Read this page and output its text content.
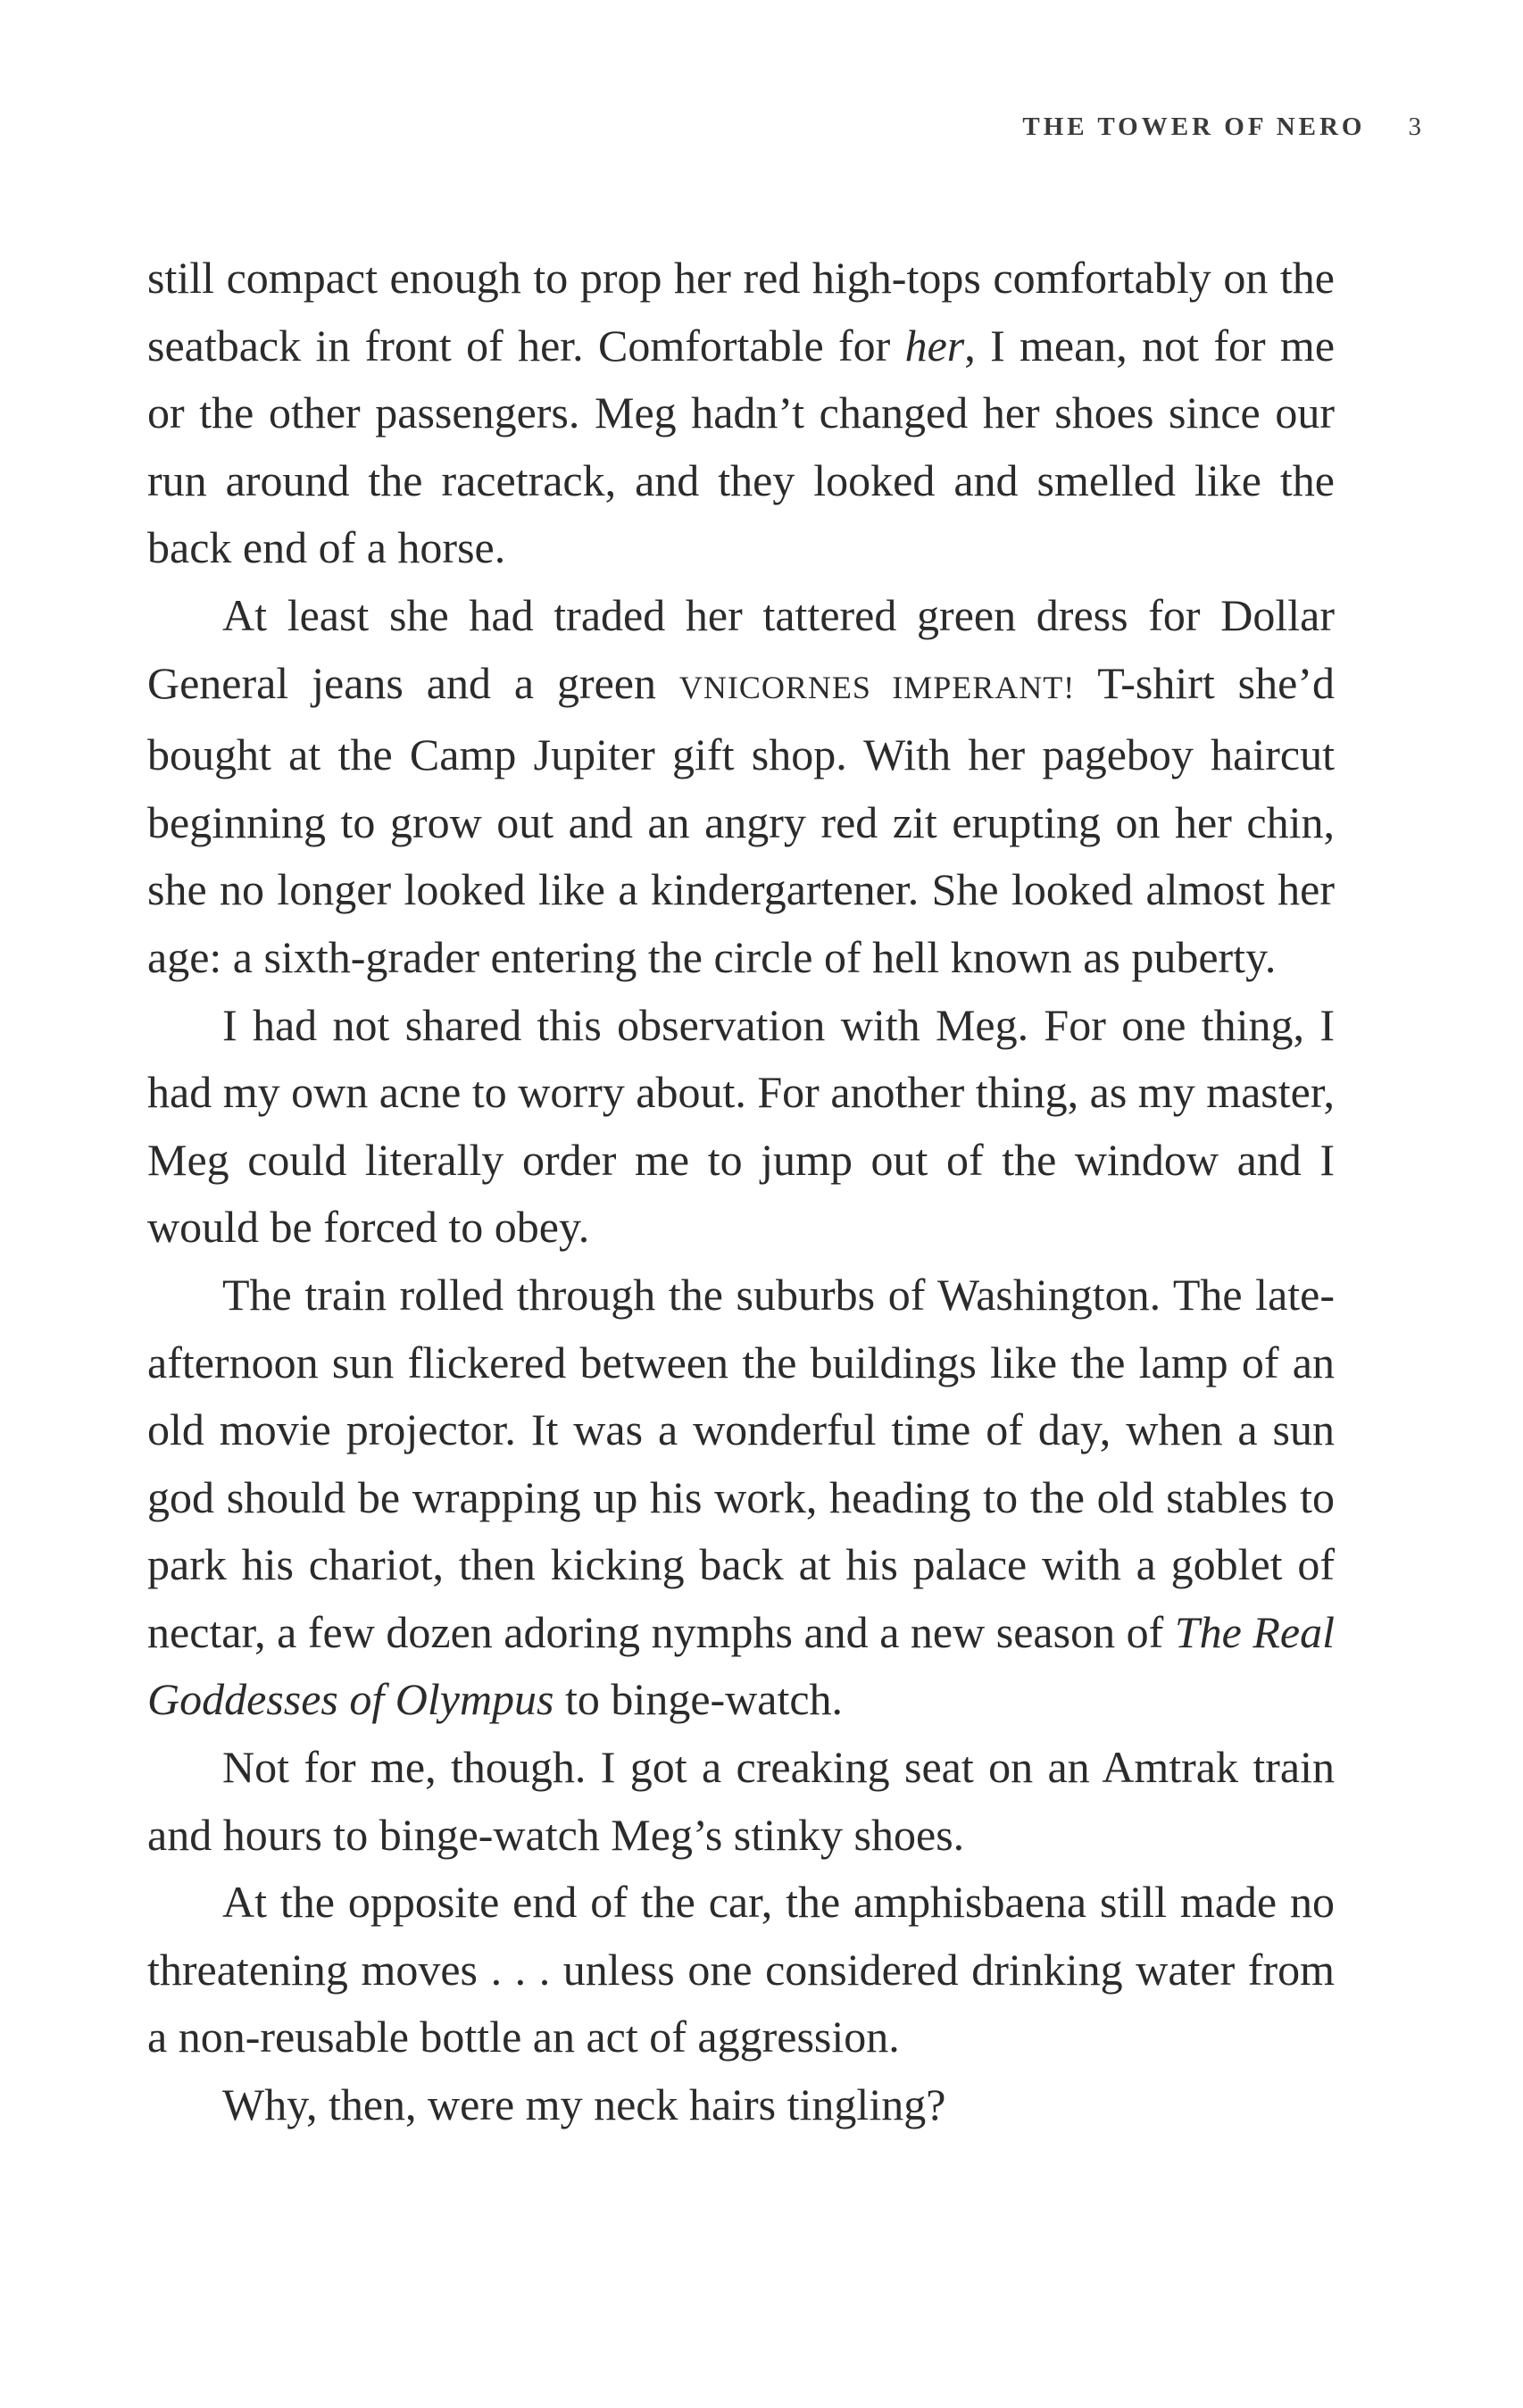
THE TOWER OF NERO 3

still compact enough to prop her red high-tops comfortably on the seatback in front of her. Comfortable for her, I mean, not for me or the other passengers. Meg hadn’t changed her shoes since our run around the racetrack, and they looked and smelled like the back end of a horse.

At least she had traded her tattered green dress for Dollar General jeans and a green VNICORNES IMPERANT! T-shirt she’d bought at the Camp Jupiter gift shop. With her pageboy haircut beginning to grow out and an angry red zit erupting on her chin, she no longer looked like a kindergartener. She looked almost her age: a sixth-grader entering the circle of hell known as puberty.

I had not shared this observation with Meg. For one thing, I had my own acne to worry about. For another thing, as my master, Meg could literally order me to jump out of the window and I would be forced to obey.

The train rolled through the suburbs of Washington. The late-afternoon sun flickered between the buildings like the lamp of an old movie projector. It was a wonderful time of day, when a sun god should be wrapping up his work, heading to the old stables to park his chariot, then kicking back at his palace with a goblet of nectar, a few dozen adoring nymphs and a new season of The Real Goddesses of Olympus to binge-watch.

Not for me, though. I got a creaking seat on an Amtrak train and hours to binge-watch Meg’s stinky shoes.

At the opposite end of the car, the amphisbaena still made no threatening moves . . . unless one considered drinking water from a non-reusable bottle an act of aggression.

Why, then, were my neck hairs tingling?
